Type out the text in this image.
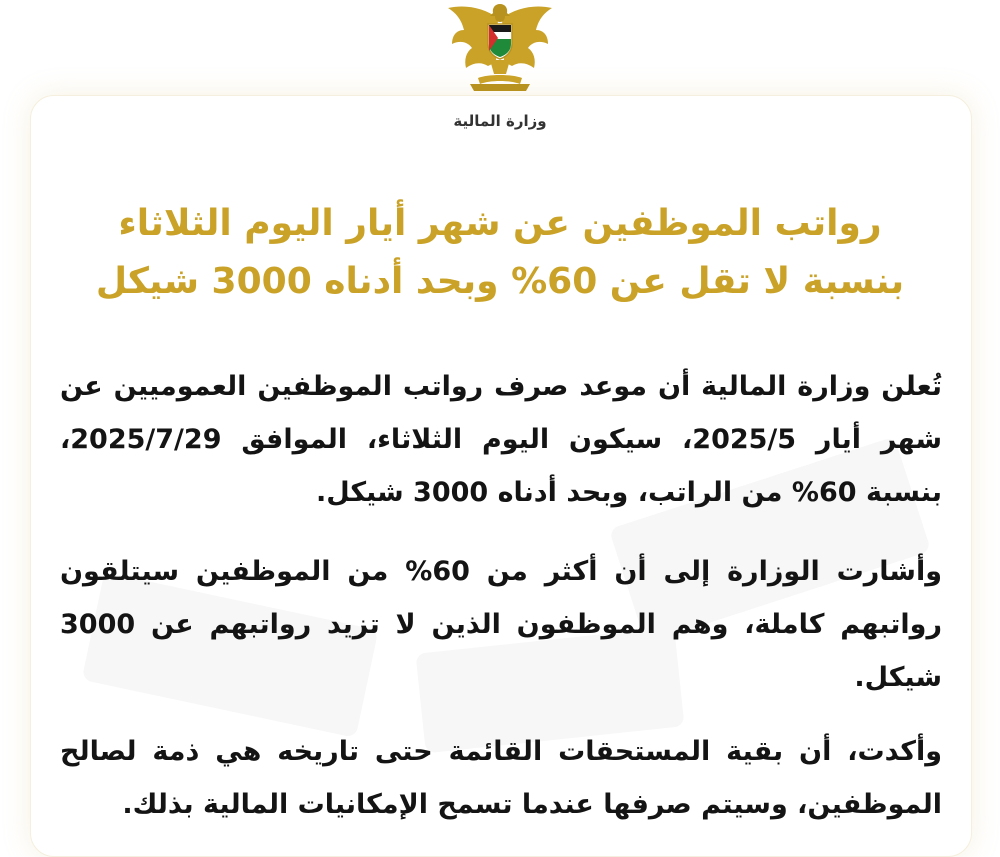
وزارة المالية
رواتب الموظفين عن شهر أيار اليوم الثلاثاء
بنسبة لا تقل عن 60% وبحد أدناه 3000 شيكل
تُعلن وزارة المالية أن موعد صرف رواتب الموظفين العموميين عن شهر أيار 2025/5، سيكون اليوم الثلاثاء، الموافق 2025/7/29، بنسبة 60% من الراتب، وبحد أدناه 3000 شيكل.
وأشارت الوزارة إلى أن أكثر من 60% من الموظفين سيتلقون رواتبهم كاملة، وهم الموظفون الذين لا تزيد رواتبهم عن 3000 شيكل.
وأكدت، أن بقية المستحقات القائمة حتى تاريخه هي ذمة لصالح الموظفين، وسيتم صرفها عندما تسمح الإمكانيات المالية بذلك.
